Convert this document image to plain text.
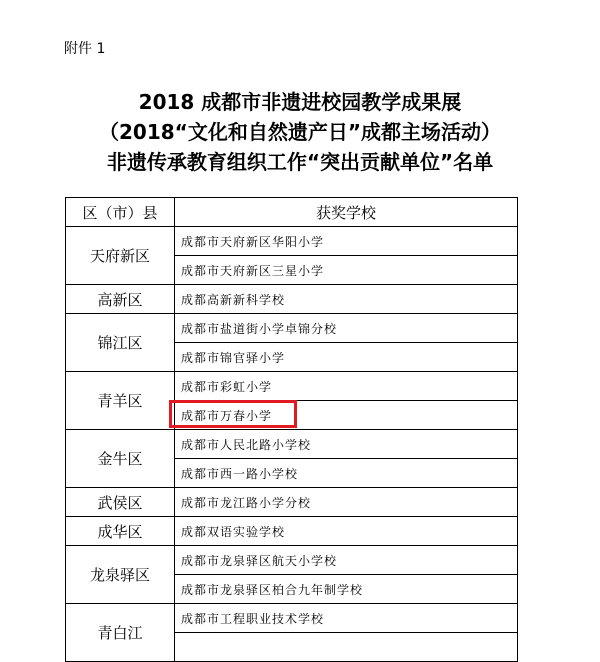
附件 1
2018 成都市非遗进校园教学成果展
（2018“文化和自然遗产日”成都主场活动）
非遗传承教育组织工作“突出贡献单位”名单
区（市）县	获奖学校
天府新区	成都市天府新区华阳小学
	成都市天府新区三星小学
高新区	成都高新新科学校
锦江区	成都市盐道街小学卓锦分校
	成都市锦官驿小学
青羊区	成都市彩虹小学
	成都市万春小学
金牛区	成都市人民北路小学校
	成都市西一路小学校
武侯区	成都市龙江路小学分校
成华区	成都双语实验学校
龙泉驿区	成都市龙泉驿区航天小学校
	成都市龙泉驿区柏合九年制学校
青白江	成都市工程职业技术学校
